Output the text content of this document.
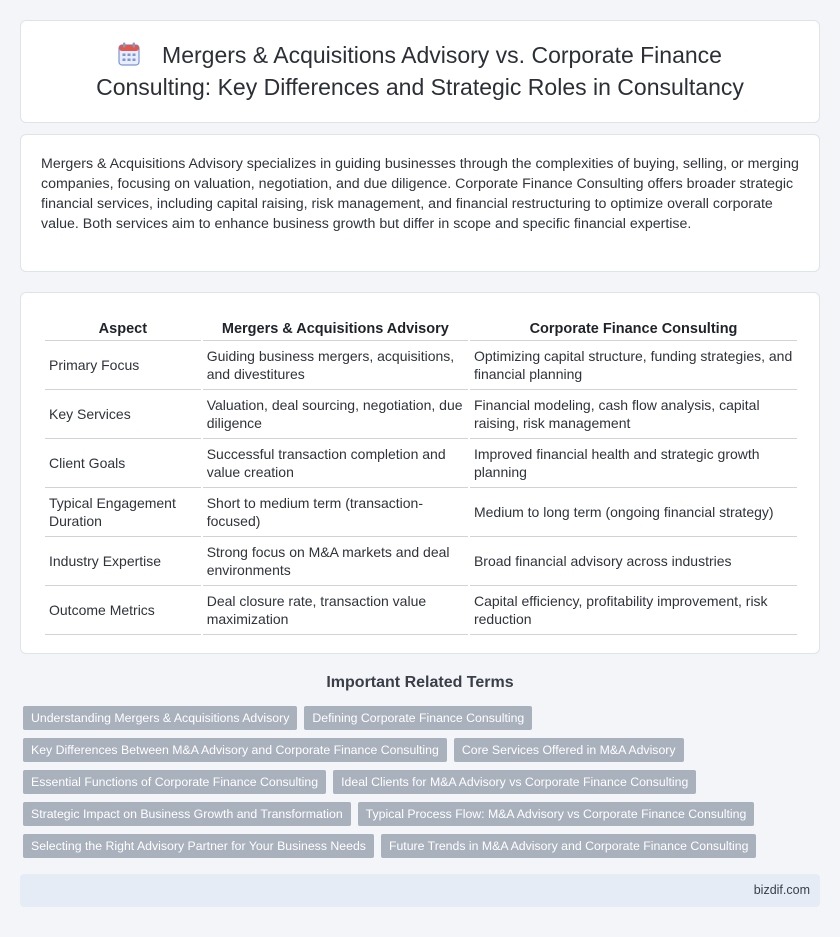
Mergers & Acquisitions Advisory vs. Corporate Finance Consulting: Key Differences and Strategic Roles in Consultancy

Mergers & Acquisitions Advisory specializes in guiding businesses through the complexities of buying, selling, or merging companies, focusing on valuation, negotiation, and due diligence. Corporate Finance Consulting offers broader strategic financial services, including capital raising, risk management, and financial restructuring to optimize overall corporate value. Both services aim to enhance business growth but differ in scope and specific financial expertise.

Aspect	Mergers & Acquisitions Advisory	Corporate Finance Consulting
Primary Focus	Guiding business mergers, acquisitions, and divestitures	Optimizing capital structure, funding strategies, and financial planning
Key Services	Valuation, deal sourcing, negotiation, due diligence	Financial modeling, cash flow analysis, capital raising, risk management
Client Goals	Successful transaction completion and value creation	Improved financial health and strategic growth planning
Typical Engagement Duration	Short to medium term (transaction-focused)	Medium to long term (ongoing financial strategy)
Industry Expertise	Strong focus on M&A markets and deal environments	Broad financial advisory across industries
Outcome Metrics	Deal closure rate, transaction value maximization	Capital efficiency, profitability improvement, risk reduction
Important Related Terms
Understanding Mergers & Acquisitions Advisory	Defining Corporate Finance Consulting
Key Differences Between M&A Advisory and Corporate Finance Consulting	Core Services Offered in M&A Advisory
Essential Functions of Corporate Finance Consulting	Ideal Clients for M&A Advisory vs Corporate Finance Consulting
Strategic Impact on Business Growth and Transformation	Typical Process Flow: M&A Advisory vs Corporate Finance Consulting
Selecting the Right Advisory Partner for Your Business Needs	Future Trends in M&A Advisory and Corporate Finance Consulting
bizdif.com
